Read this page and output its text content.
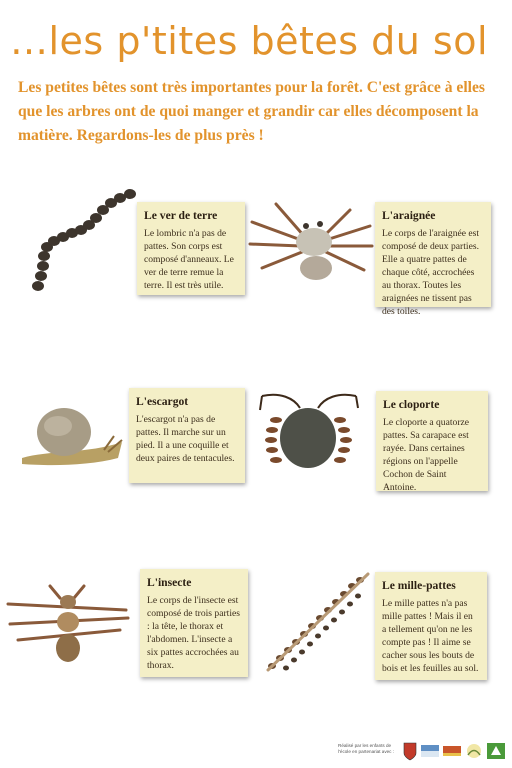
…les p'tites bêtes du sol
Les petites bêtes sont très importantes pour la forêt. C'est grâce à elles que les arbres ont de quoi manger et grandir car elles décomposent la matière. Regardons-les de plus près !
Le ver de terre

Le lombric n'a pas de pattes. Son corps est composé d'anneaux. Le ver de terre remue la terre. Il est très utile.

L'araignée

Le corps de l'araignée est composé de deux parties. Elle a quatre pattes de chaque côté, accrochées au thorax. Toutes les araignées ne tissent pas des toiles.

L'escargot

L'escargot n'a pas de pattes. Il marche sur un pied. Il a une coquille et deux paires de tentacules.

Le cloporte

Le cloporte a quatorze pattes. Sa carapace est rayée. Dans certaines régions on l'appelle Cochon de Saint Antoine.

L'insecte

Le corps de l'insecte est composé de trois parties : la tête, le thorax et l'abdomen. L'insecte a six pattes accrochées au thorax.

Le mille-pattes

Le mille pattes n'a pas mille pattes ! Mais il en a tellement qu'on ne les compte pas ! Il aime se cacher sous les bouts de bois et les feuilles au sol.

Réalisé par les enfants de l'école en partenariat avec :
